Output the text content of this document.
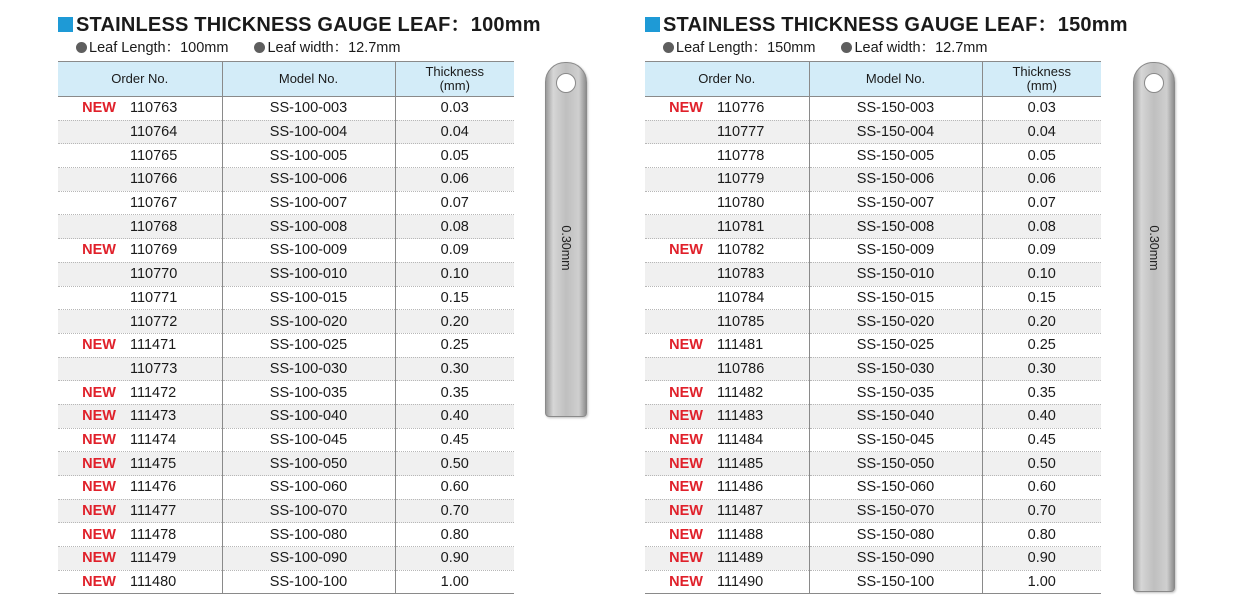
STAINLESS THICKNESS GAUGE LEAF：100mm
Leaf Length：100mm	Leaf width：12.7mm
Order No.	Model No.	Thickness
(mm)
NEW 110763	SS-100-003	0.03
110764	SS-100-004	0.04
110765	SS-100-005	0.05
110766	SS-100-006	0.06
110767	SS-100-007	0.07
110768	SS-100-008	0.08
NEW 110769	SS-100-009	0.09
110770	SS-100-010	0.10
110771	SS-100-015	0.15
110772	SS-100-020	0.20
NEW 111471	SS-100-025	0.25
110773	SS-100-030	0.30
NEW 111472	SS-100-035	0.35
NEW 111473	SS-100-040	0.40
NEW 111474	SS-100-045	0.45
NEW 111475	SS-100-050	0.50
NEW 111476	SS-100-060	0.60
NEW 111477	SS-100-070	0.70
NEW 111478	SS-100-080	0.80
NEW 111479	SS-100-090	0.90
NEW 111480	SS-100-100	1.00
0.30mm
STAINLESS THICKNESS GAUGE LEAF：150mm
Leaf Length：150mm	Leaf width：12.7mm
Order No.	Model No.	Thickness
(mm)
NEW 110776	SS-150-003	0.03
110777	SS-150-004	0.04
110778	SS-150-005	0.05
110779	SS-150-006	0.06
110780	SS-150-007	0.07
110781	SS-150-008	0.08
NEW 110782	SS-150-009	0.09
110783	SS-150-010	0.10
110784	SS-150-015	0.15
110785	SS-150-020	0.20
NEW 111481	SS-150-025	0.25
110786	SS-150-030	0.30
NEW 111482	SS-150-035	0.35
NEW 111483	SS-150-040	0.40
NEW 111484	SS-150-045	0.45
NEW 111485	SS-150-050	0.50
NEW 111486	SS-150-060	0.60
NEW 111487	SS-150-070	0.70
NEW 111488	SS-150-080	0.80
NEW 111489	SS-150-090	0.90
NEW 111490	SS-150-100	1.00
0.30mm
